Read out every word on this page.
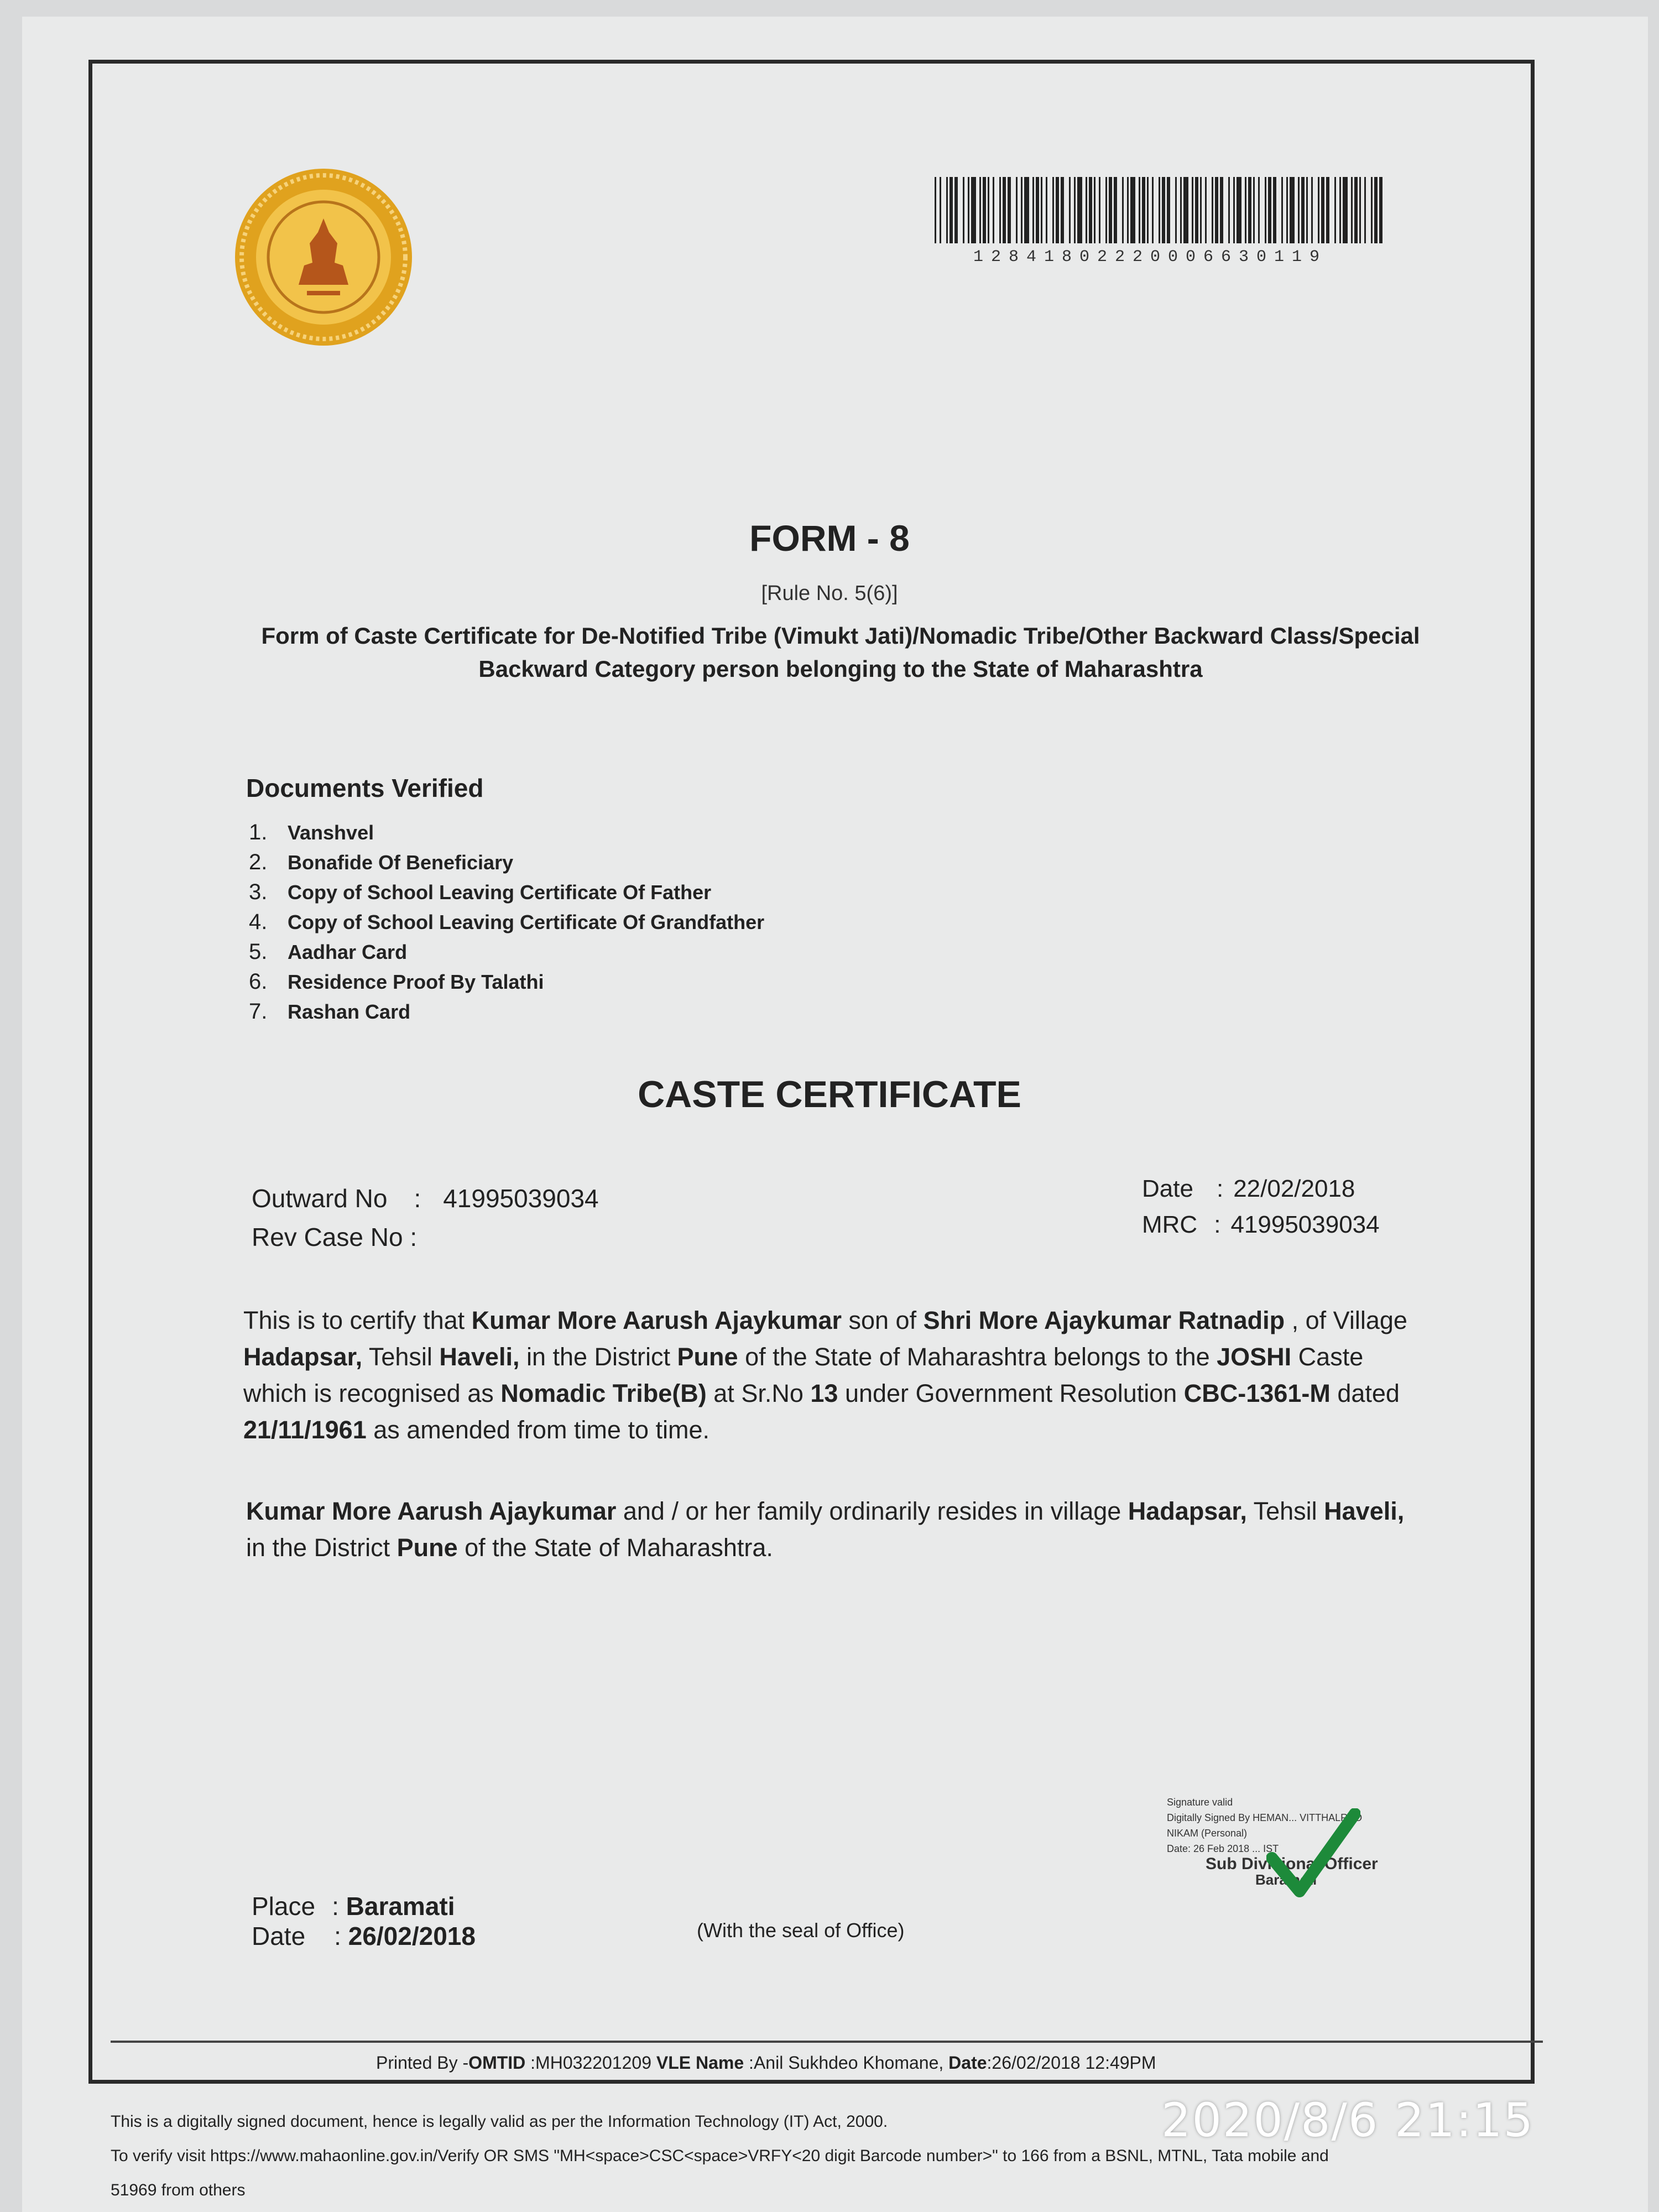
12841802220006630119
FORM - 8
[Rule No. 5(6)]
Form of Caste Certificate for De-Notified Tribe (Vimukt Jati)/Nomadic Tribe/Other Backward Class/Special Backward Category person belonging to the State of Maharashtra
Documents Verified
1. Vanshvel
2. Bonafide Of Beneficiary
3. Copy of School Leaving Certificate Of Father
4. Copy of School Leaving Certificate Of Grandfather
5. Aadhar Card
6. Residence Proof By Talathi
7. Rashan Card
CASTE CERTIFICATE
Outward No : 41995039034
Rev Case No :
Date : 22/02/2018
MRC : 41995039034
This is to certify that Kumar More Aarush Ajaykumar son of Shri More Ajaykumar Ratnadip , of Village Hadapsar, Tehsil Haveli, in the District Pune of the State of Maharashtra belongs to the JOSHI Caste which is recognised as Nomadic Tribe(B) at Sr.No 13 under Government Resolution CBC-1361-M dated 21/11/1961 as amended from time to time.
Kumar More Aarush Ajaykumar and / or her family ordinarily resides in village Hadapsar, Tehsil Haveli, in the District Pune of the State of Maharashtra.
Signature valid
Digitally Signed By HEMAN... VITTHALRAO
NIKAM (Personal)
Date: 26 Feb 2018 ... IST
Sub Divisional Officer
Baramati
Place : Baramati
Date : 26/02/2018	(With the seal of Office)
Printed By -OMTID :MH032201209 VLE Name :Anil Sukhdeo Khomane, Date:26/02/2018 12:49PM
This is a digitally signed document, hence is legally valid as per the Information Technology (IT) Act, 2000.
To verify visit https://www.mahaonline.gov.in/Verify OR SMS "MH<space>CSC<space>VRFY<20 digit Barcode number>" to 166 from a BSNL, MTNL, Tata mobile and
51969 from others
2020/8/6 21:15
